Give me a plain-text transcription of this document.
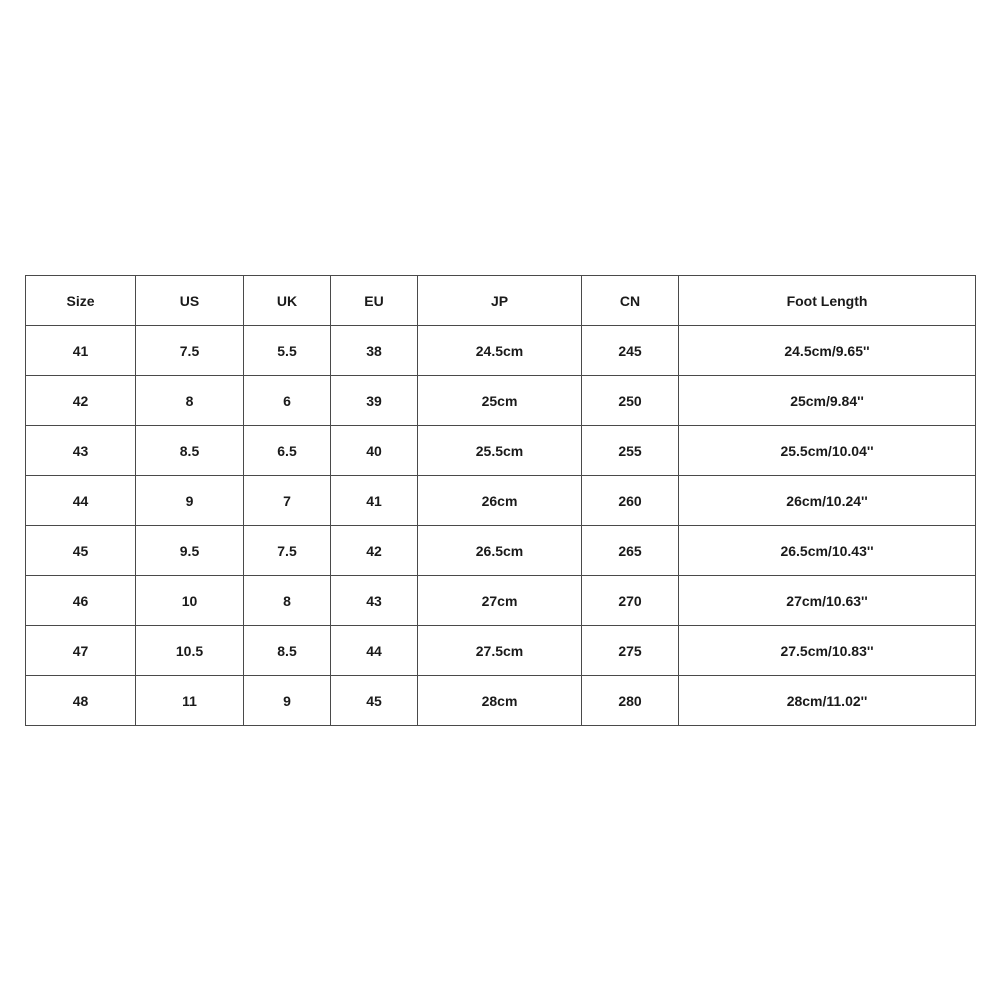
Size	US	UK	EU	JP	CN	Foot Length
41	7.5	5.5	38	24.5cm	245	24.5cm/9.65''
42	8	6	39	25cm	250	25cm/9.84''
43	8.5	6.5	40	25.5cm	255	25.5cm/10.04''
44	9	7	41	26cm	260	26cm/10.24''
45	9.5	7.5	42	26.5cm	265	26.5cm/10.43''
46	10	8	43	27cm	270	27cm/10.63''
47	10.5	8.5	44	27.5cm	275	27.5cm/10.83''
48	11	9	45	28cm	280	28cm/11.02''
